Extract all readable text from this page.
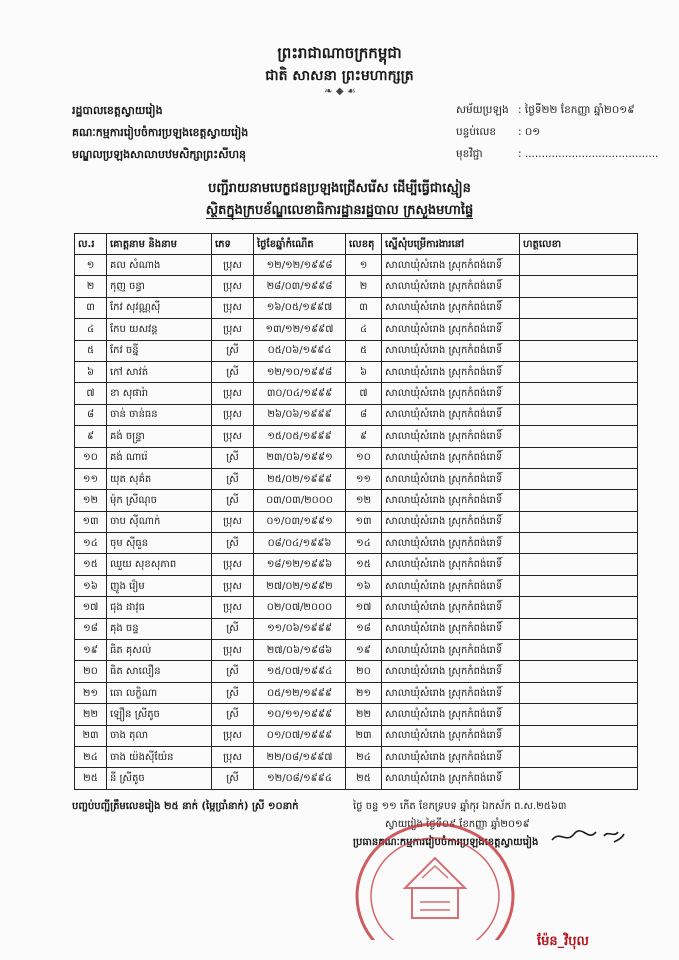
ព្រះរាជាណាចក្រកម្ពុជា
ជាតិ សាសនា ព្រះមហាក្សត្រ
❧ ◆ ☙
រដ្ឋបាលខេត្តស្វាយរៀង
គណៈកម្មការរៀបចំការប្រឡងខេត្តស្វាយរៀង
មណ្ឌលប្រឡងសាលាបឋមសិក្សាព្រះសីហនុ
សម័យប្រឡង : ថ្ងៃទី២២ ខែកញ្ញា ឆ្នាំ២០១៩
បន្ទប់លេខ : ០១
មុខវិជ្ជា	: ........................................
បញ្ជីរាយនាមបេក្ខជនប្រឡងជ្រើសរើស ដើម្បីធ្វើជាស្មៀន
ស្ថិតក្នុងក្របខ័ណ្ឌលេខាធិការដ្ឋានរដ្ឋបាល ក្រសួងមហាផ្ទៃ
ល.រ	គោត្តនាម និងនាម	ភេទ	ថ្ងៃខែឆ្នាំកំណើត	លេខតុ	ស្នើសុំបម្រើការងារនៅ	ហត្ថលេខា
១	គល សំណាង	ប្រុស	១២/១២/១៩៩៨	១	សាលាឃុំសំរោង ស្រុកកំពង់រោទិ៍	
២	កុញ ចន្ធា	ប្រុស	២៨/០៣/១៩៩៨	២	សាលាឃុំសំរោង ស្រុកកំពង់រោទិ៍	
៣	កែវ សុវណ្ណស៊ី	ប្រុស	១៦/០៥/១៩៩៧	៣	សាលាឃុំសំរោង ស្រុកកំពង់រោទិ៍	
៤	កែប យសវន្ត	ប្រុស	១៣/១២/១៩៩៧	៤	សាលាឃុំសំរោង ស្រុកកំពង់រោទិ៍	
៥	កែវ ចន្នី	ស្រី	០៥/០៦/១៩៩៤	៥	សាលាឃុំសំរោង ស្រុកកំពង់រោទិ៍	
៦	កៅ សាវត់	ស្រី	១២/១០/១៩៩៨	៦	សាលាឃុំសំរោង ស្រុកកំពង់រោទិ៍	
៧	ខា សុផារ៉ា	ប្រុស	៣០/០៤/១៩៩៩	៧	សាលាឃុំសំរោង ស្រុកកំពង់រោទិ៍	
៨	ចាន់ ចាន់ធន	ប្រុស	២៦/០៦/១៩៩៩	៨	សាលាឃុំសំរោង ស្រុកកំពង់រោទិ៍	
៩	គង់ ចន្ទ្រា	ប្រុស	១៥/០៥/១៩៩៩	៩	សាលាឃុំសំរោង ស្រុកកំពង់រោទិ៍	
១០	គង់ ណារ៉េ	ស្រី	២៣/០៦/១៩៩១	១០	សាលាឃុំសំរោង ស្រុកកំពង់រោទិ៍	
១១	យុត សុគ៌ត	ស្រី	២៥/០២/១៩៩៩	១១	សាលាឃុំសំរោង ស្រុកកំពង់រោទិ៍	
១២	ម៉ុក ស្រីណុច	ស្រី	០៣/០៣/២០០០	១២	សាលាឃុំសំរោង ស្រុកកំពង់រោទិ៍	
១៣	ចាប ស៊ីណាក់	ប្រុស	០១/០៣/១៩៩១	១៣	សាលាឃុំសំរោង ស្រុកកំពង់រោទិ៍	
១៤	ចុម ស៊ីធួន	ស្រី	០៨/០៤/១៩៩៦	១៤	សាលាឃុំសំរោង ស្រុកកំពង់រោទិ៍	
១៥	ឈួយ សុខសុភាព	ប្រុស	១៨/១២/១៩៩៦	១៥	សាលាឃុំសំរោង ស្រុកកំពង់រោទិ៍	
១៦	ញូង រ៉ៀម	ប្រុស	២៧/០២/១៩៩២	១៦	សាលាឃុំសំរោង ស្រុកកំពង់រោទិ៍	
១៧	ជុង ដាវុធ	ប្រុស	០២/០៧/២០០០	១៧	សាលាឃុំសំរោង ស្រុកកំពង់រោទិ៍	
១៨	គុង ចន្ទ	ស្រី	១១/០៦/១៩៩៩	១៨	សាលាឃុំសំរោង ស្រុកកំពង់រោទិ៍	
១៩	ធិត គុសល់	ប្រុស	២៧/០៦/១៩៨៦	១៩	សាលាឃុំសំរោង ស្រុកកំពង់រោទិ៍	
២០	ធិត សាលឿន	ស្រី	១៥/០៧/១៩៩៤	២០	សាលាឃុំសំរោង ស្រុកកំពង់រោទិ៍	
២១	ធោ លក្ខិណា	ស្រី	០៥/១២/១៩៩៩	២១	សាលាឃុំសំរោង ស្រុកកំពង់រោទិ៍	
២២	ឡឿន ស្រីតូច	ស្រី	១០/១១/១៩៩៩	២២	សាលាឃុំសំរោង ស្រុកកំពង់រោទិ៍	
២៣	ចាង តុលា	ប្រុស	០១/០៧/១៩៩៩	២៣	សាលាឃុំសំរោង ស្រុកកំពង់រោទិ៍	
២៤	ចាង យ៉ងស៊ីយ៉ែន	ប្រុស	២២/០៨/១៩៩៧	២៤	សាលាឃុំសំរោង ស្រុកកំពង់រោទិ៍	
២៥	នី ស្រីតូច	ស្រី	១២/០៨/១៩៩៤	២៥	សាលាឃុំសំរោង ស្រុកកំពង់រោទិ៍	
បញ្ចប់បញ្ជីត្រឹមលេខរៀង ២៥ នាក់ (ម្ភៃប្រាំនាក់) ស្រី ១០នាក់	ថ្ងៃ ចន្ទ ១១ កើត ខែភទ្របទ ឆ្នាំកុរ ឯកស័ក ព.ស.២៥៦៣
ស្វាយរៀង ថ្ងៃទី០៩ ខែកញ្ញា ឆ្នាំ២០១៩
ប្រធានគណៈកម្មការរៀបចំការប្រឡងខេត្តស្វាយរៀង
ម៉ែន_វិបុល
